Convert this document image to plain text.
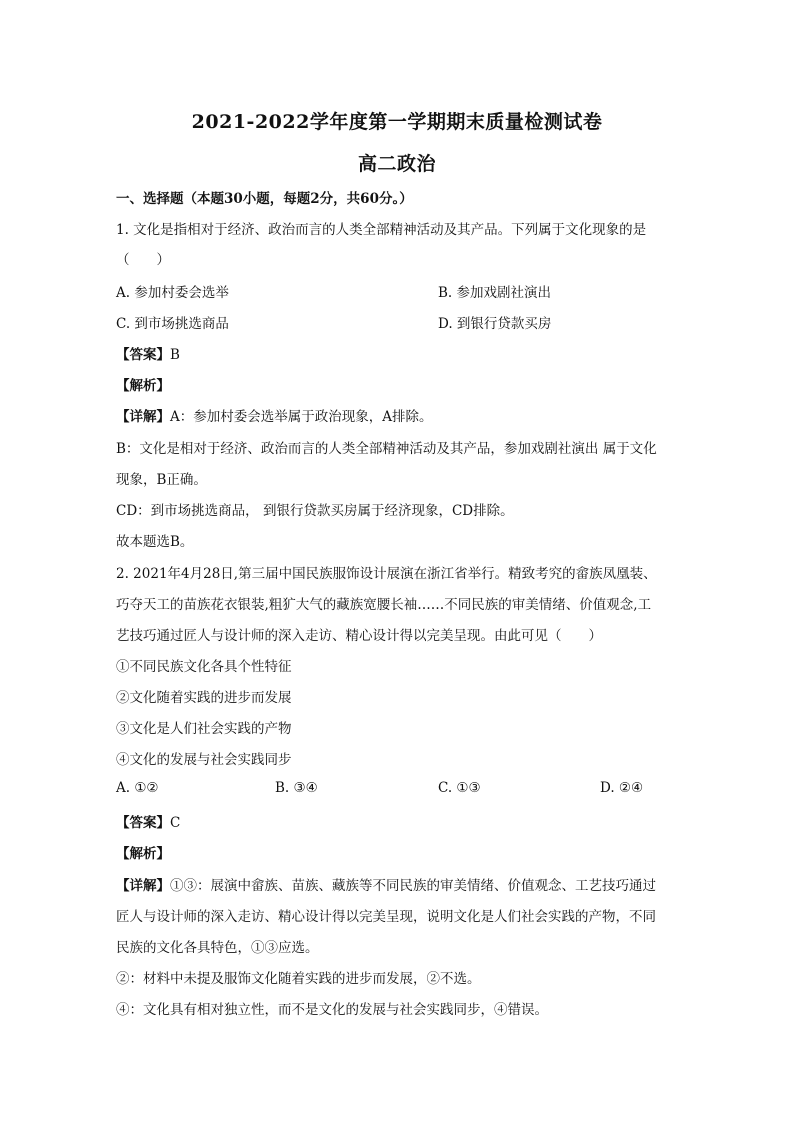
2021-2022学年度第一学期期末质量检测试卷
高二政治
一、选择题（本题30小题，每题2分，共60分。）
1. 文化是指相对于经济、政治而言的人类全部精神活动及其产品。下列属于文化现象的是
（　　）
A. 参加村委会选举	B. 参加戏剧社演出
C. 到市场挑选商品	D. 到银行贷款买房
【答案】B
【解析】
【详解】A：参加村委会选举属于政治现象，A排除。
B：文化是相对于经济、政治而言的人类全部精神活动及其产品，参加戏剧社演出 属于文化
现象，B正确。
CD：到市场挑选商品， 到银行贷款买房属于经济现象，CD排除。
故本题选B。
2. 2021年4月28日,第三届中国民族服饰设计展演在浙江省举行。精致考究的畲族凤凰装、
巧夺天工的苗族花衣银装,粗犷大气的藏族宽腰长袖……不同民族的审美情绪、价值观念,工
艺技巧通过匠人与设计师的深入走访、精心设计得以完美呈现。由此可见（　　）
①不同民族文化各具个性特征
②文化随着实践的进步而发展
③文化是人们社会实践的产物
④文化的发展与社会实践同步
A. ①②	B. ③④	C. ①③	D. ②④
【答案】C
【解析】
【详解】①③：展演中畲族、苗族、藏族等不同民族的审美情绪、价值观念、工艺技巧通过
匠人与设计师的深入走访、精心设计得以完美呈现，说明文化是人们社会实践的产物，不同
民族的文化各具特色，①③应选。
②：材料中未提及服饰文化随着实践的进步而发展，②不选。
④：文化具有相对独立性，而不是文化的发展与社会实践同步，④错误。
